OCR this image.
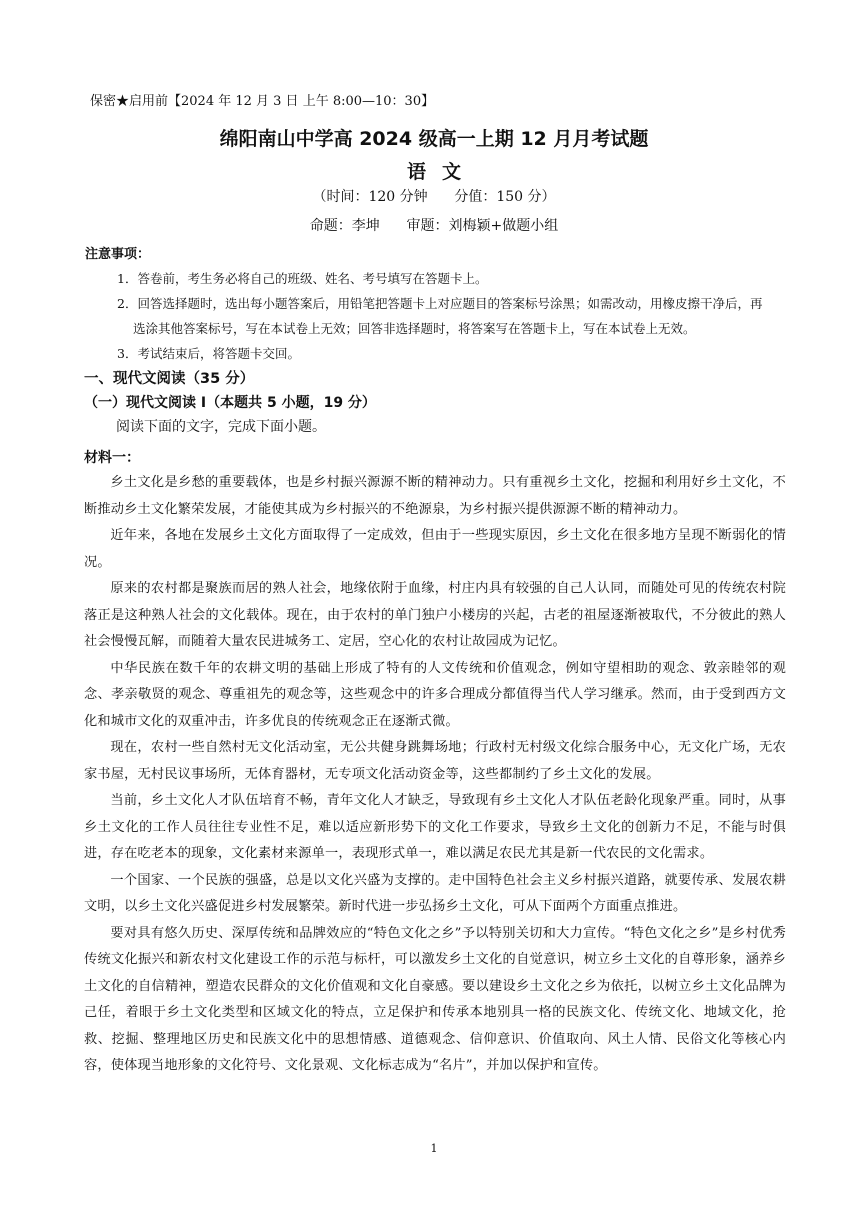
保密★启用前【2024 年 12 月 3 日 上午 8:00—10：30】
绵阳南山中学高 2024 级高一上期 12 月月考试题
语文
（时间：120 分钟      分值：150 分）
命题：李坤      审题：刘梅颖+做题小组
注意事项：
1．答卷前，考生务必将自己的班级、姓名、考号填写在答题卡上。
2．回答选择题时，选出每小题答案后，用铅笔把答题卡上对应题目的答案标号涂黑；如需改动，用橡皮擦干净后，再
选涂其他答案标号，写在本试卷上无效；回答非选择题时，将答案写在答题卡上，写在本试卷上无效。
3．考试结束后，将答题卡交回。
一、现代文阅读（35 分）
（一）现代文阅读 I（本题共 5 小题，19 分）
阅读下面的文字，完成下面小题。
材料一：

乡土文化是乡愁的重要载体，也是乡村振兴源源不断的精神动力。只有重视乡土文化，挖掘和利用好乡土文化，不断推动乡土文化繁荣发展，才能使其成为乡村振兴的不绝源泉，为乡村振兴提供源源不断的精神动力。

近年来，各地在发展乡土文化方面取得了一定成效，但由于一些现实原因，乡土文化在很多地方呈现不断弱化的情况。

原来的农村都是聚族而居的熟人社会，地缘依附于血缘，村庄内具有较强的自己人认同，而随处可见的传统农村院落正是这种熟人社会的文化载体。现在，由于农村的单门独户小楼房的兴起，古老的祖屋逐渐被取代，不分彼此的熟人社会慢慢瓦解，而随着大量农民进城务工、定居，空心化的农村让故园成为记忆。

中华民族在数千年的农耕文明的基础上形成了特有的人文传统和价值观念，例如守望相助的观念、敦亲睦邻的观念、孝亲敬贤的观念、尊重祖先的观念等，这些观念中的许多合理成分都值得当代人学习继承。然而，由于受到西方文化和城市文化的双重冲击，许多优良的传统观念正在逐渐式微。

现在，农村一些自然村无文化活动室，无公共健身跳舞场地；行政村无村级文化综合服务中心，无文化广场，无农家书屋，无村民议事场所，无体育器材，无专项文化活动资金等，这些都制约了乡土文化的发展。

当前，乡土文化人才队伍培育不畅，青年文化人才缺乏，导致现有乡土文化人才队伍老龄化现象严重。同时，从事乡土文化的工作人员往往专业性不足，难以适应新形势下的文化工作要求，导致乡土文化的创新力不足，不能与时俱进，存在吃老本的现象，文化素材来源单一，表现形式单一，难以满足农民尤其是新一代农民的文化需求。

一个国家、一个民族的强盛，总是以文化兴盛为支撑的。走中国特色社会主义乡村振兴道路，就要传承、发展农耕文明，以乡土文化兴盛促进乡村发展繁荣。新时代进一步弘扬乡土文化，可从下面两个方面重点推进。

要对具有悠久历史、深厚传统和品牌效应的“特色文化之乡”予以特别关切和大力宣传。“特色文化之乡”是乡村优秀传统文化振兴和新农村文化建设工作的示范与标杆，可以激发乡土文化的自觉意识，树立乡土文化的自尊形象，涵养乡土文化的自信精神，塑造农民群众的文化价值观和文化自豪感。要以建设乡土文化之乡为依托，以树立乡土文化品牌为己任，着眼于乡土文化类型和区域文化的特点，立足保护和传承本地别具一格的民族文化、传统文化、地域文化，抢救、挖掘、整理地区历史和民族文化中的思想情感、道德观念、信仰意识、价值取向、风土人情、民俗文化等核心内容，使体现当地形象的文化符号、文化景观、文化标志成为“名片”，并加以保护和宣传。

1
